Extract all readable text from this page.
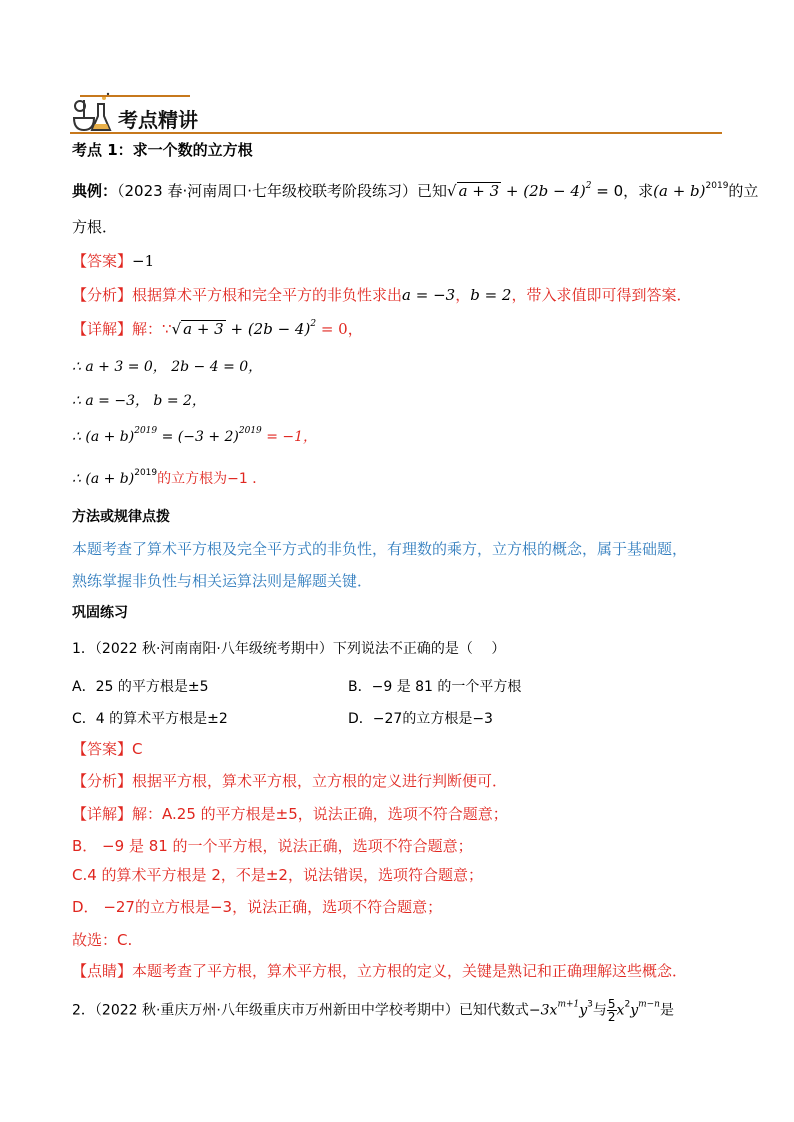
考点精讲
考点 1：求一个数的立方根
典例：（2023 春·河南周口·七年级校联考阶段练习）已知√ $a + 3 + (2b - 4)^2 = 0$，求$(a + b)^{2019}$的立
方根．
【答案】−1
【分析】根据算术平方根和完全平方的非负性求出a = −3，b = 2，带入求值即可得到答案．
【详解】解：∵√ $a + 3 + (2b - 4)^2 = 0$，
∴ a + 3 = 0， 2b − 4 = 0，
∴ a = −3， b = 2，
∴ $(a + b)^{2019} = (-3 + 2)^{2019} = -1$，
∴ $(a + b)^{2019}$的立方根为−1 ．
方法或规律点拨
本题考查了算术平方根及完全平方式的非负性，有理数的乘方，立方根的概念，属于基础题，
熟练掌握非负性与相关运算法则是解题关键．
巩固练习
1．（2022 秋·河南南阳·八年级统考期中）下列说法不正确的是（　 ）
A．25 的平方根是±5	B．−9 是 81 的一个平方根
C．4 的算术平方根是±2	D．−27的立方根是−3
【答案】C
【分析】根据平方根，算术平方根，立方根的定义进行判断便可．
【详解】解：A.25 的平方根是±5，说法正确，选项不符合题意；
B． −9 是 81 的一个平方根，说法正确，选项不符合题意；
C.4 的算术平方根是 2，不是±2，说法错误，选项符合题意；
D． −27的立方根是−3，说法正确，选项不符合题意；
故选：C.
【点睛】本题考查了平方根，算术平方根，立方根的定义，关键是熟记和正确理解这些概念．
2．（2022 秋·重庆万州·八年级重庆市万州新田中学校考期中）已知代数式$-3x^{m+1}y^3$与 $\frac{5}{2} x^2y^{m-n}$是
